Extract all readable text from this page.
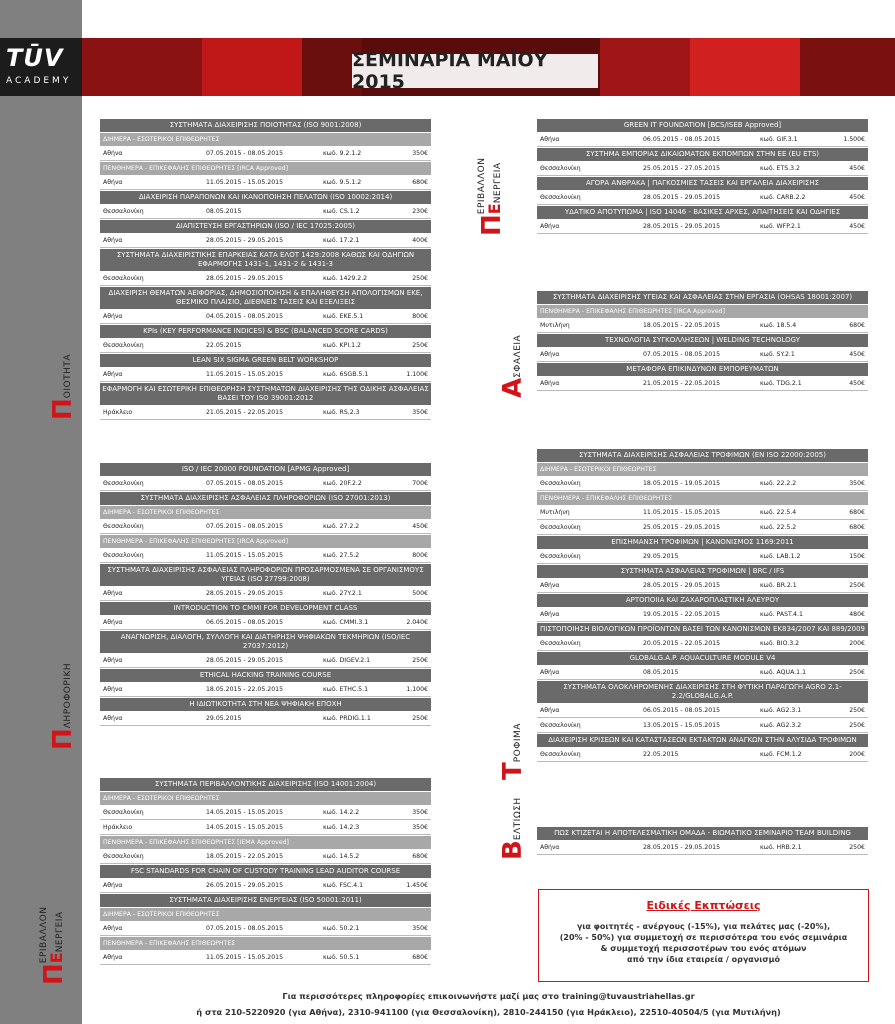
TŪV
ACADEMY
ΣΕΜΙΝΑΡΙΑ ΜΑΪΟΥ 2015
Π
ΟΙΟΤΗΤΑ
Π
ΛΗΡΟΦΟΡΙΚΗ
Π
ΕΡΙΒΑΛΛΟΝ
Ε
ΝΕΡΓΕΙΑ
Π
ΕΡΙΒΑΛΛΟΝ
Ε
ΝΕΡΓΕΙΑ
Α
ΣΦΑΛΕΙΑ
Τ
ΡΟΦΙΜΑ
Β
ΕΛΤΙΩΣΗ
ΣΥΣΤΗΜΑΤΑ ΔΙΑΧΕΙΡΙΣΗΣ ΠΟΙΟΤΗΤΑΣ (ISO 9001:2008)
ΔΙΗΜΕΡΑ - ΕΣΩΤΕΡΙΚΟΙ ΕΠΙΘΕΩΡΗΤΕΣ
Αθήνα	07.05.2015 - 08.05.2015	κωδ. 9.2.1.2	350€
ΠΕΝΘΗΜΕΡΑ - ΕΠΙΚΕΦΑΛΗΣ ΕΠΙΘΕΩΡΗΤΕΣ [IRCA Approved]
Αθήνα	11.05.2015 - 15.05.2015	κωδ. 9.5.1.2	680€
ΔΙΑΧΕΙΡΙΣΗ ΠΑΡΑΠΟΝΩΝ ΚΑΙ ΙΚΑΝΟΠΟΙΗΣΗ ΠΕΛΑΤΩΝ (ISO 10002:2014)
Θεσσαλονίκη	08.05.2015	κωδ. CS.1.2	230€
ΔΙΑΠΙΣΤΕΥΣΗ ΕΡΓΑΣΤΗΡΙΩΝ (ISO / IEC 17025:2005)
Αθήνα	28.05.2015 - 29.05.2015	κωδ. 17.2.1	400€
ΣΥΣΤΗΜΑΤΑ ΔΙΑΧΕΙΡΙΣΤΙΚΗΣ ΕΠΑΡΚΕΙΑΣ ΚΑΤΑ ΕΛΟΤ 1429:2008 ΚΑΘΩΣ ΚΑΙ ΟΔΗΓΙΩΝ ΕΦΑΡΜΟΓΗΣ 1431-1, 1431-2 & 1431-3
Θεσσαλονίκη	28.05.2015 - 29.05.2015	κωδ. 1429.2.2	250€
ΔΙΑΧΕΙΡΙΣΗ ΘΕΜΑΤΩΝ ΑΕΙΦΟΡΙΑΣ, ΔΗΜΟΣΙΟΠΟΙΗΣΗ & ΕΠΑΛΗΘΕΥΣΗ ΑΠΟΛΟΓΙΣΜΩΝ ΕΚΕ, ΘΕΣΜΙΚΟ ΠΛΑΙΣΙΟ, ΔΙΕΘΝΕΙΣ ΤΑΣΕΙΣ ΚΑΙ ΕΞΕΛΙΞΕΙΣ
Αθήνα	04.05.2015 - 08.05.2015	κωδ. EKE.5.1	800€
KPIs (KEY PERFORMANCE INDICES) & BSC (BALANCED SCORE CARDS)
Θεσσαλονίκη	22.05.2015	κωδ. KPI.1.2	250€
LEAN SIX SIGMA GREEN BELT WORKSHOP
Αθήνα	11.05.2015 - 15.05.2015	κωδ. 6SGB.5.1	1.100€
ΕΦΑΡΜΟΓΗ ΚΑΙ ΕΣΩΤΕΡΙΚΗ ΕΠΙΘΕΩΡΗΣΗ ΣΥΣΤΗΜΑΤΩΝ ΔΙΑΧΕΙΡΙΣΗΣ ΤΗΣ ΟΔΙΚΗΣ ΑΣΦΑΛΕΙΑΣ ΒΑΣΕΙ ΤΟΥ ISO 39001:2012
Ηράκλειο	21.05.2015 - 22.05.2015	κωδ. RS.2.3	350€
ISO / IEC 20000 FOUNDATION [APMG Approved]
Θεσσαλονίκη	07.05.2015 - 08.05.2015	κωδ. 20F.2.2	700€
ΣΥΣΤΗΜΑΤΑ ΔΙΑΧΕΙΡΙΣΗΣ ΑΣΦΑΛΕΙΑΣ ΠΛΗΡΟΦΟΡΙΩΝ (ISO 27001:2013)
ΔΙΗΜΕΡΑ - ΕΣΩΤΕΡΙΚΟΙ ΕΠΙΘΕΩΡΗΤΕΣ
Θεσσαλονίκη	07.05.2015 - 08.05.2015	κωδ. 27.2.2	450€
ΠΕΝΘΗΜΕΡΑ - ΕΠΙΚΕΦΑΛΗΣ ΕΠΙΘΕΩΡΗΤΕΣ [IRCA Approved]
Θεσσαλονίκη	11.05.2015 - 15.05.2015	κωδ. 27.5.2	800€
ΣΥΣΤΗΜΑΤΑ ΔΙΑΧΕΙΡΙΣΗΣ ΑΣΦΑΛΕΙΑΣ ΠΛΗΡΟΦΟΡΙΩΝ ΠΡΟΣΑΡΜΟΣΜΕΝΑ ΣΕ ΟΡΓΑΝΙΣΜΟΥΣ ΥΓΕΙΑΣ (ISO 27799:2008)
Αθήνα	28.05.2015 - 29.05.2015	κωδ. 27Y.2.1	500€
INTRODUCTION TO CMMI FOR DEVELOPMENT CLASS
Αθήνα	06.05.2015 - 08.05.2015	κωδ. CMMI.3.1	2.040€
ΑΝΑΓΝΩΡΙΣΗ, ΔΙΑΛΟΓΗ, ΣΥΛΛΟΓΗ ΚΑΙ ΔΙΑΤΗΡΗΣΗ ΨΗΦΙΑΚΩΝ ΤΕΚΜΗΡΙΩΝ (ISO/IEC 27037:2012)
Αθήνα	28.05.2015 - 29.05.2015	κωδ. DIGEV.2.1	250€
ETHICAL HACKING TRAINING COURSE
Αθήνα	18.05.2015 - 22.05.2015	κωδ. ETHC.5.1	1.100€
Η ΙΔΙΩΤΙΚΟΤΗΤΑ ΣΤΗ ΝΕΑ ΨΗΦΙΑΚΗ ΕΠΟΧΗ
Αθήνα	29.05.2015	κωδ. PRDIG.1.1	250€
ΣΥΣΤΗΜΑΤΑ ΠΕΡΙΒΑΛΛΟΝΤΙΚΗΣ ΔΙΑΧΕΙΡΙΣΗΣ (ISO 14001:2004)
ΔΙΗΜΕΡΑ - ΕΣΩΤΕΡΙΚΟΙ ΕΠΙΘΕΩΡΗΤΕΣ
Θεσσαλονίκη	14.05.2015 - 15.05.2015	κωδ. 14.2.2	350€
Ηράκλειο	14.05.2015 - 15.05.2015	κωδ. 14.2.3	350€
ΠΕΝΘΗΜΕΡΑ - ΕΠΙΚΕΦΑΛΗΣ ΕΠΙΘΕΩΡΗΤΕΣ [IEMA Approved]
Θεσσαλονίκη	18.05.2015 - 22.05.2015	κωδ. 14.5.2	680€
FSC STANDARDS FOR CHAIN OF CUSTODY TRAINING LEAD AUDITOR COURSE
Αθήνα	26.05.2015 - 29.05.2015	κωδ. FSC.4.1	1.450€
ΣΥΣΤΗΜΑΤΑ ΔΙΑΧΕΙΡΙΣΗΣ ΕΝΕΡΓΕΙΑΣ (ISO 50001:2011)
ΔΙΗΜΕΡΑ - ΕΣΩΤΕΡΙΚΟΙ ΕΠΙΘΕΩΡΗΤΕΣ
Αθήνα	07.05.2015 - 08.05.2015	κωδ. 50.2.1	350€
ΠΕΝΘΗΜΕΡΑ - ΕΠΙΚΕΦΑΛΗΣ ΕΠΙΘΕΩΡΗΤΕΣ
Αθήνα	11.05.2015 - 15.05.2015	κωδ. 50.5.1	680€
GREEN IT FOUNDATION [BCS/ISEB Approved]
Αθήνα	06.05.2015 - 08.05.2015	κωδ. GIF.3.1	1.500€
ΣΥΣΤΗΜΑ ΕΜΠΟΡΙΑΣ ΔΙΚΑΙΩΜΑΤΩΝ ΕΚΠΟΜΠΩΝ ΣΤΗΝ ΕΕ (EU ETS)
Θεσσαλονίκη	25.05.2015 - 27.05.2015	κωδ. ETS.3.2	450€
ΑΓΟΡΑ ΑΝΘΡΑΚΑ | ΠΑΓΚΟΣΜΙΕΣ ΤΑΣΕΙΣ ΚΑΙ ΕΡΓΑΛΕΙΑ ΔΙΑΧΕΙΡΙΣΗΣ
Θεσσαλονίκη	28.05.2015 - 29.05.2015	κωδ. CARB.2.2	450€
ΥΔΑΤΙΚΟ ΑΠΟΤΥΠΩΜΑ | ISO 14046 - ΒΑΣΙΚΕΣ ΑΡΧΕΣ, ΑΠΑΙΤΗΣΕΙΣ ΚΑΙ ΟΔΗΓΙΕΣ
Αθήνα	28.05.2015 - 29.05.2015	κωδ. WFP.2.1	450€
ΣΥΣΤΗΜΑΤΑ ΔΙΑΧΕΙΡΙΣΗΣ ΥΓΕΙΑΣ ΚΑΙ ΑΣΦΑΛΕΙΑΣ ΣΤΗΝ ΕΡΓΑΣΙΑ (OHSAS 18001:2007)
ΠΕΝΘΗΜΕΡΑ - ΕΠΙΚΕΦΑΛΗΣ ΕΠΙΘΕΩΡΗΤΕΣ [IRCA Approved]
Μυτιλήνη	18.05.2015 - 22.05.2015	κωδ. 18.5.4	680€
ΤΕΧΝΟΛΟΓΙΑ ΣΥΓΚΟΛΛΗΣΕΩΝ | WELDING TECHNOLOGY
Αθήνα	07.05.2015 - 08.05.2015	κωδ. SY.2.1	450€
ΜΕΤΑΦΟΡΑ ΕΠΙΚΙΝΔΥΝΩΝ ΕΜΠΟΡΕΥΜΑΤΩΝ
Αθήνα	21.05.2015 - 22.05.2015	κωδ. TDG.2.1	450€
ΣΥΣΤΗΜΑΤΑ ΔΙΑΧΕΙΡΙΣΗΣ ΑΣΦΑΛΕΙΑΣ ΤΡΟΦΙΜΩΝ (EN ISO 22000:2005)
ΔΙΗΜΕΡΑ - ΕΣΩΤΕΡΙΚΟΙ ΕΠΙΘΕΩΡΗΤΕΣ
Θεσσαλονίκη	18.05.2015 - 19.05.2015	κωδ. 22.2.2	350€
ΠΕΝΘΗΜΕΡΑ - ΕΠΙΚΕΦΑΛΗΣ ΕΠΙΘΕΩΡΗΤΕΣ
Μυτιλήνη	11.05.2015 - 15.05.2015	κωδ. 22.5.4	680€
Θεσσαλονίκη	25.05.2015 - 29.05.2015	κωδ. 22.5.2	680€
ΕΠΙΣΗΜΑΝΣΗ ΤΡΟΦΙΜΩΝ | ΚΑΝΟΝΙΣΜΟΣ 1169:2011
Θεσσαλονίκη	29.05.2015	κωδ. LAB.1.2	150€
ΣΥΣΤΗΜΑΤΑ ΑΣΦΑΛΕΙΑΣ ΤΡΟΦΙΜΩΝ | BRC / IFS
Αθήνα	28.05.2015 - 29.05.2015	κωδ. BR.2.1	250€
ΑΡΤΟΠΟΙΙΑ ΚΑΙ ΖΑΧΑΡΟΠΛΑΣΤΙΚΗ ΑΛΕΥΡΟΥ
Αθήνα	19.05.2015 - 22.05.2015	κωδ. PAST.4.1	480€
ΠΙΣΤΟΠΟΙΗΣΗ ΒΙΟΛΟΓΙΚΩΝ ΠΡΟΪΟΝΤΩΝ ΒΑΣΕΙ ΤΩΝ ΚΑΝΟΝΙΣΜΩΝ ΕΚ834/2007 ΚΑΙ 889/2009
Θεσσαλονίκη	20.05.2015 - 22.05.2015	κωδ. BIO.3.2	200€
GLOBALG.A.P. AQUACULTURE MODULE V4
Αθήνα	08.05.2015	κωδ. AQUA.1.1	250€
ΣΥΣΤΗΜΑΤΑ ΟΛΟΚΛΗΡΩΜΕΝΗΣ ΔΙΑΧΕΙΡΙΣΗΣ ΣΤΗ ΦΥΤΙΚΗ ΠΑΡΑΓΩΓΗ AGRO 2.1-2.2/GLOBALG.A.P.
Αθήνα	06.05.2015 - 08.05.2015	κωδ. AG2.3.1	250€
Θεσσαλονίκη	13.05.2015 - 15.05.2015	κωδ. AG2.3.2	250€
ΔΙΑΧΕΙΡΙΣΗ ΚΡΙΣΕΩΝ ΚΑΙ ΚΑΤΑΣΤΑΣΕΩΝ ΕΚΤΑΚΤΩΝ ΑΝΑΓΚΩΝ ΣΤΗΝ ΑΛΥΣΙΔΑ ΤΡΟΦΙΜΩΝ
Θεσσαλονίκη	22.05.2015	κωδ. FCM.1.2	200€
ΠΩΣ ΚΤΙΖΕΤΑΙ Η ΑΠΟΤΕΛΕΣΜΑΤΙΚΗ ΟΜΑΔΑ - ΒΙΩΜΑΤΙΚΟ ΣΕΜΙΝΑΡΙΟ TEAM BUILDING
Αθήνα	28.05.2015 - 29.05.2015	κωδ. HRB.2.1	250€
Ειδικές Εκπτώσεις
για φοιτητές - ανέργους (-15%), για πελάτες μας (-20%),
(20% - 50%) για συμμετοχή σε περισσότερα του ενός σεμινάρια
& συμμετοχή περισσοτέρων του ενός ατόμων
από την ίδια εταιρεία / οργανισμό
Για περισσότερες πληροφορίες επικοινωνήστε μαζί μας στο training@tuvaustriahellas.gr
ή στα 210-5220920 (για Αθήνα), 2310-941100 (για Θεσσαλονίκη), 2810-244150 (για Ηράκλειο), 22510-40504/5 (για Μυτιλήνη)
